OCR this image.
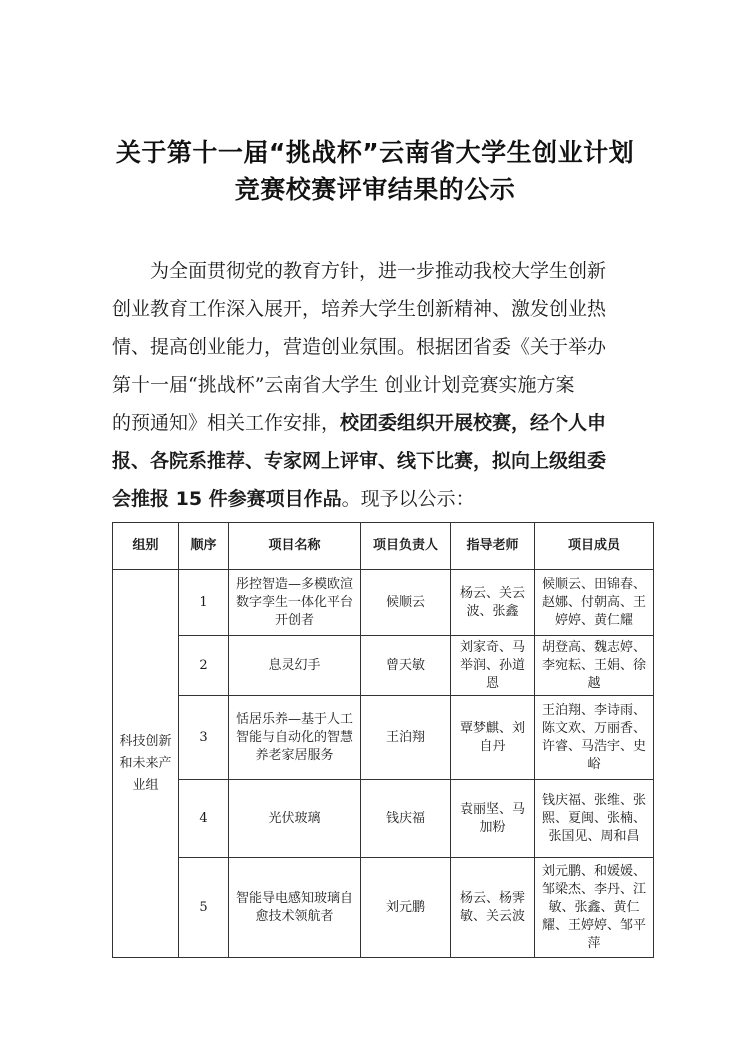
关于第十一届“挑战杯”云南省大学生创业计划
竞赛校赛评审结果的公示
为全面贯彻党的教育方针，进一步推动我校大学生创新
创业教育工作深入展开，培养大学生创新精神、激发创业热
情、提高创业能力，营造创业氛围。根据团省委《关于举办
第十一届“挑战杯”云南省大学生 创业计划竞赛实施方案
的预通知》相关工作安排，校团委组织开展校赛，经个人申
报、各院系推荐、专家网上评审、线下比赛，拟向上级组委
会推报 15 件参赛项目作品。现予以公示：
组别	顺序	项目名称	项目负责人	指导老师	项目成员
科技创新和未来产业组	1	彤控智造—多模欧渲数字孪生一体化平台开创者	候顺云	杨云、关云波、张鑫	候顺云、田锦春、赵娜、付朝高、王婷婷、黄仁耀
	2	息灵幻手	曾天敏	刘家奇、马举润、孙道恩	胡登高、魏志婷、李宛耘、王娟、徐越
	3	恬居乐养—基于人工智能与自动化的智慧养老家居服务	王泊翔	覃梦麒、刘自丹	王泊翔、李诗雨、陈文欢、万丽香、许睿、马浩宇、史峪
	4	光伏玻璃	钱庆福	袁丽坚、马加粉	钱庆福、张维、张熙、夏闽、张楠、张国见、周和昌
	5	智能导电感知玻璃自愈技术领航者	刘元鹏	杨云、杨霁敏、关云波	刘元鹏、和媛媛、邹梁杰、李丹、江敏、张鑫、黄仁耀、王婷婷、邹平萍
